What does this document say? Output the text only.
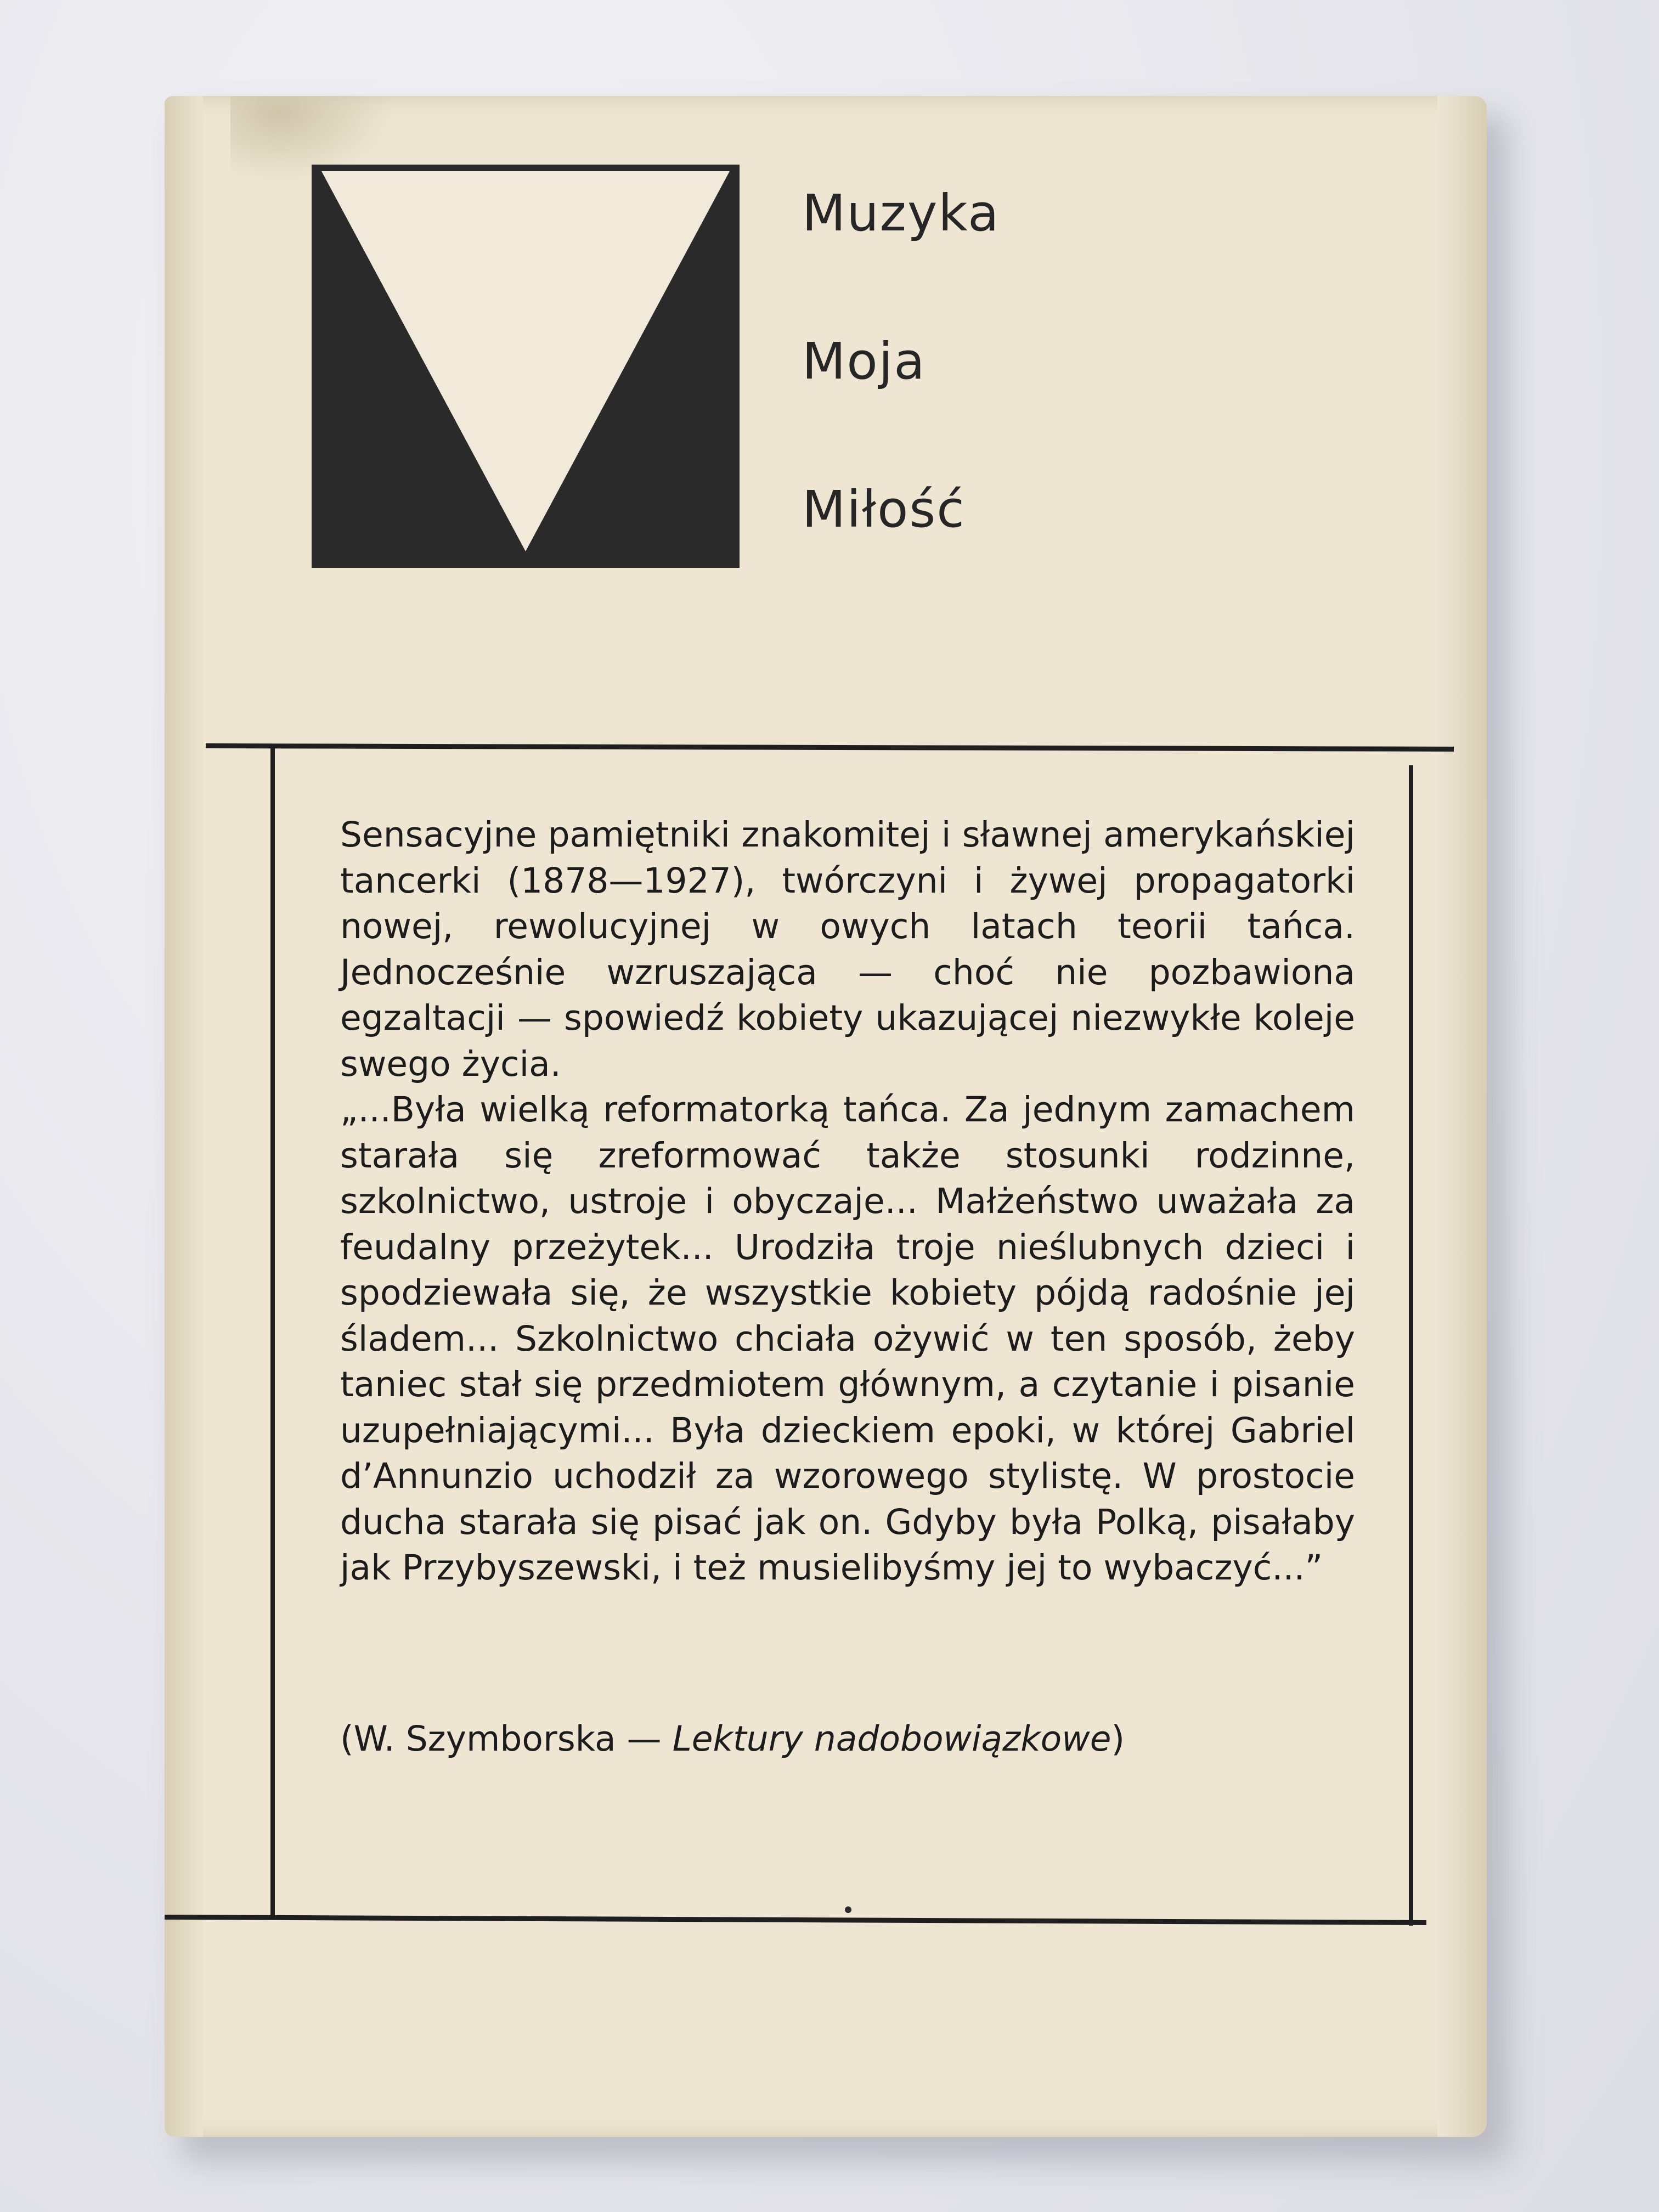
Muzyka
Moja
Miłość

Sensacyjne pamiętniki znakomitej i sławnej amerykańskiej tancerki (1878—1927), twórczyni i żywej propagatorki nowej, rewolucyjnej w owych latach teorii tańca. Jednocześnie wzruszająca — choć nie pozbawiona egzaltacji — spowiedź kobiety ukazującej niezwykłe koleje swego życia.

„...Była wielką reformatorką tańca. Za jednym zamachem starała się zreformować także stosunki rodzinne, szkolnictwo, ustroje i obyczaje... Małżeństwo uważała za feudalny przeżytek... Urodziła troje nieślubnych dzieci i spodziewała się, że wszystkie kobiety pójdą radośnie jej śladem... Szkolnictwo chciała ożywić w ten sposób, żeby taniec stał się przedmiotem głównym, a czytanie i pisanie uzupełniającymi... Była dzieckiem epoki, w której Gabriel d’Annunzio uchodził za wzorowego stylistę. W prostocie ducha starała się pisać jak on. Gdyby była Polką, pisałaby jak Przybyszewski, i też musielibyśmy jej to wybaczyć...”

(W. Szymborska — Lektury nadobowiązkowe)
